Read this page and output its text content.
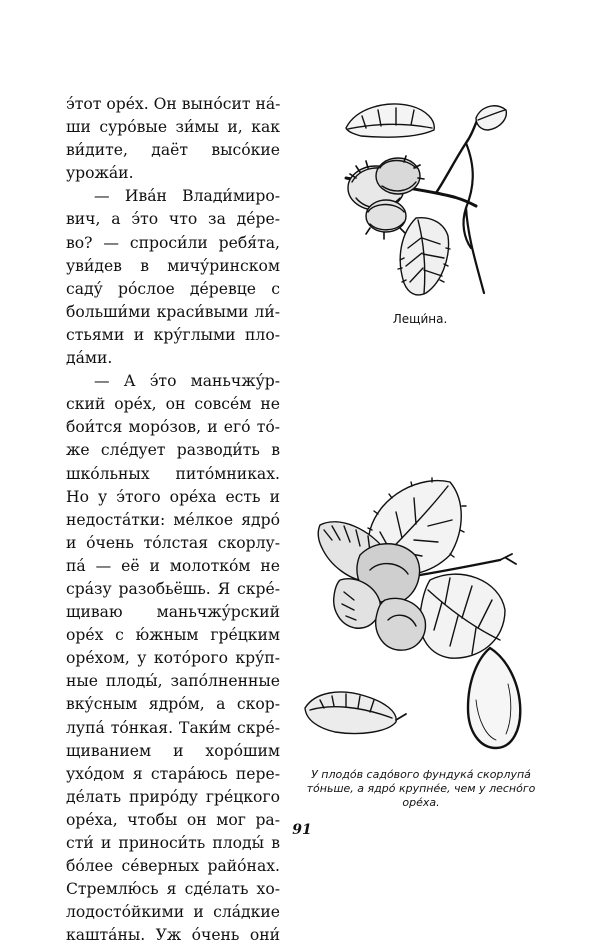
э́тот оре́х. Он выно́сит на́-
ши суро́вые зи́мы и, как
ви́дите, даёт высо́кие
урожа́и.
— Ива́н Влади́миро-
вич, а э́то что за де́ре-
во? — спроси́ли ребя́та,
уви́дев в мичу́ринском
саду́ ро́слое де́ревце с
больши́ми краси́выми ли́-
стьями и кру́глыми пло-
да́ми.
— А э́то маньчжу́р-
ский оре́х, он совсе́м не
бои́тся моро́зов, и его́ то́-
же сле́дует разводи́ть в
шко́льных пито́мниках.
Но у э́того оре́ха есть и
недоста́тки: ме́лкое ядро́
и о́чень то́лстая скорлу-
па́ — её и молотко́м не
сра́зу разобьёшь. Я скре́-
щиваю маньчжу́рский
оре́х с ю́жным гре́цким
оре́хом, у кото́рого кру́п-
ные плоды́, запо́лненные
вку́сным ядро́м, а скор-
лупа́ то́нкая. Таки́м скре́-
щиванием и хоро́шим
ухо́дом я стара́юсь пере-
де́лать приро́ду гре́цкого
оре́ха, чтобы он мог ра-
сти́ и приноси́ть плоды́ в
бо́лее се́верных райо́нах.
Стремлю́сь я сде́лать хо-
лодосто́йкими и сла́дкие
кашта́ны. Уж о́чень они́
Лещи́на.
У плодо́в садо́вого фундука́ скорлупа́
то́ньше, а ядро́ крупне́е, чем у лесно́го
оре́ха.
91
